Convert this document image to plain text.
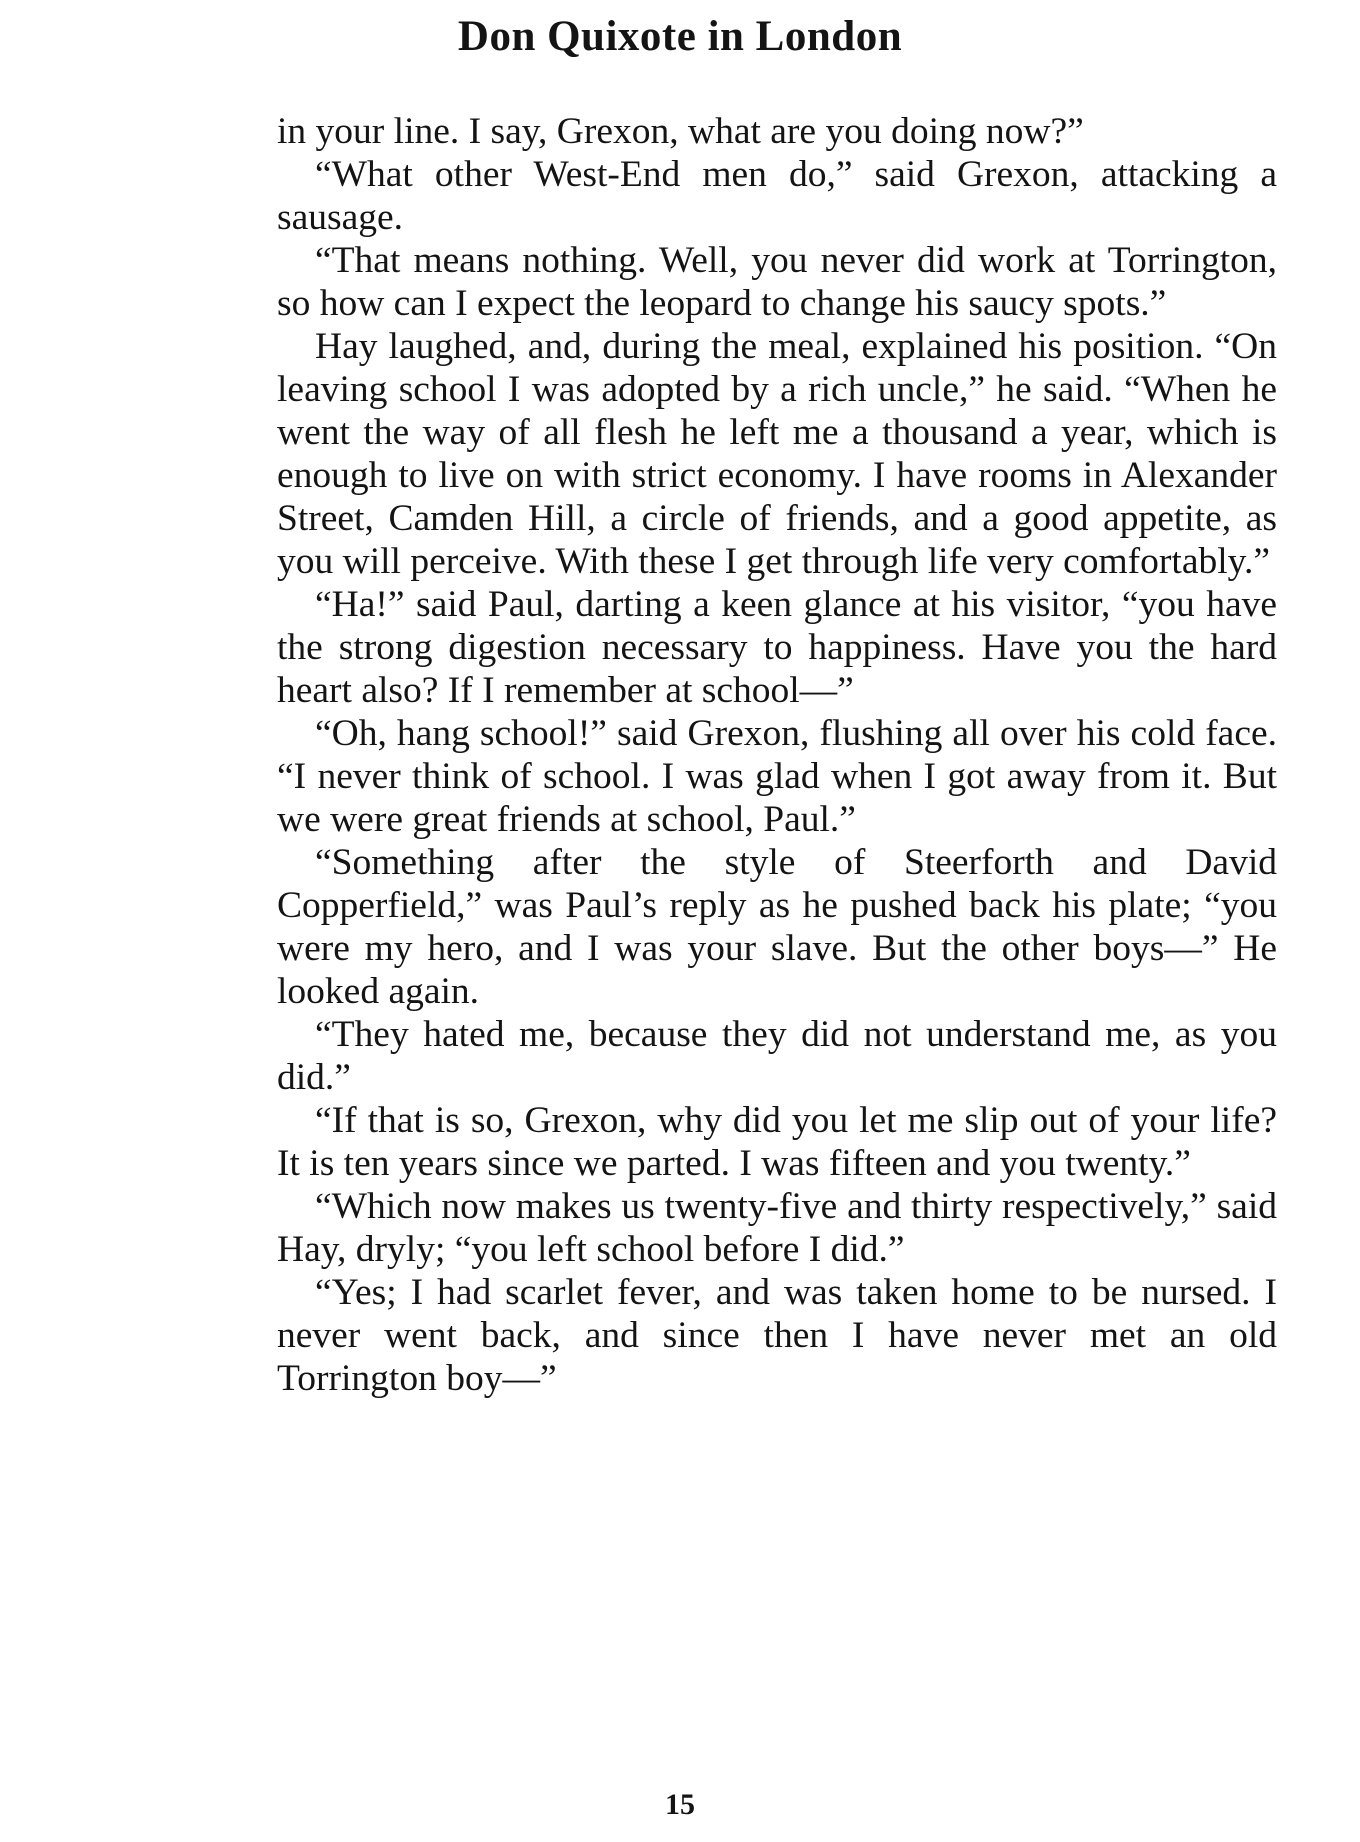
Don Quixote in London

in your line. I say, Grexon, what are you doing now?”

“What other West-End men do,” said Grexon, attacking a sausage.

“That means nothing. Well, you never did work at Torrington, so how can I expect the leopard to change his saucy spots.”

Hay laughed, and, during the meal, explained his position. “On leaving school I was adopted by a rich uncle,” he said. “When he went the way of all flesh he left me a thousand a year, which is enough to live on with strict economy. I have rooms in Alexander Street, Camden Hill, a circle of friends, and a good appetite, as you will perceive. With these I get through life very comfortably.”

“Ha!” said Paul, darting a keen glance at his visitor, “you have the strong digestion necessary to happiness. Have you the hard heart also? If I remember at school—”

“Oh, hang school!” said Grexon, flushing all over his cold face. “I never think of school. I was glad when I got away from it. But we were great friends at school, Paul.”

“Something after the style of Steerforth and David Copperfield,” was Paul’s reply as he pushed back his plate; “you were my hero, and I was your slave. But the other boys—” He looked again.

“They hated me, because they did not understand me, as you did.”

“If that is so, Grexon, why did you let me slip out of your life? It is ten years since we parted. I was fifteen and you twenty.”

“Which now makes us twenty-five and thirty respectively,” said Hay, dryly; “you left school before I did.”

“Yes; I had scarlet fever, and was taken home to be nursed. I never went back, and since then I have never met an old Torrington boy—”

15
